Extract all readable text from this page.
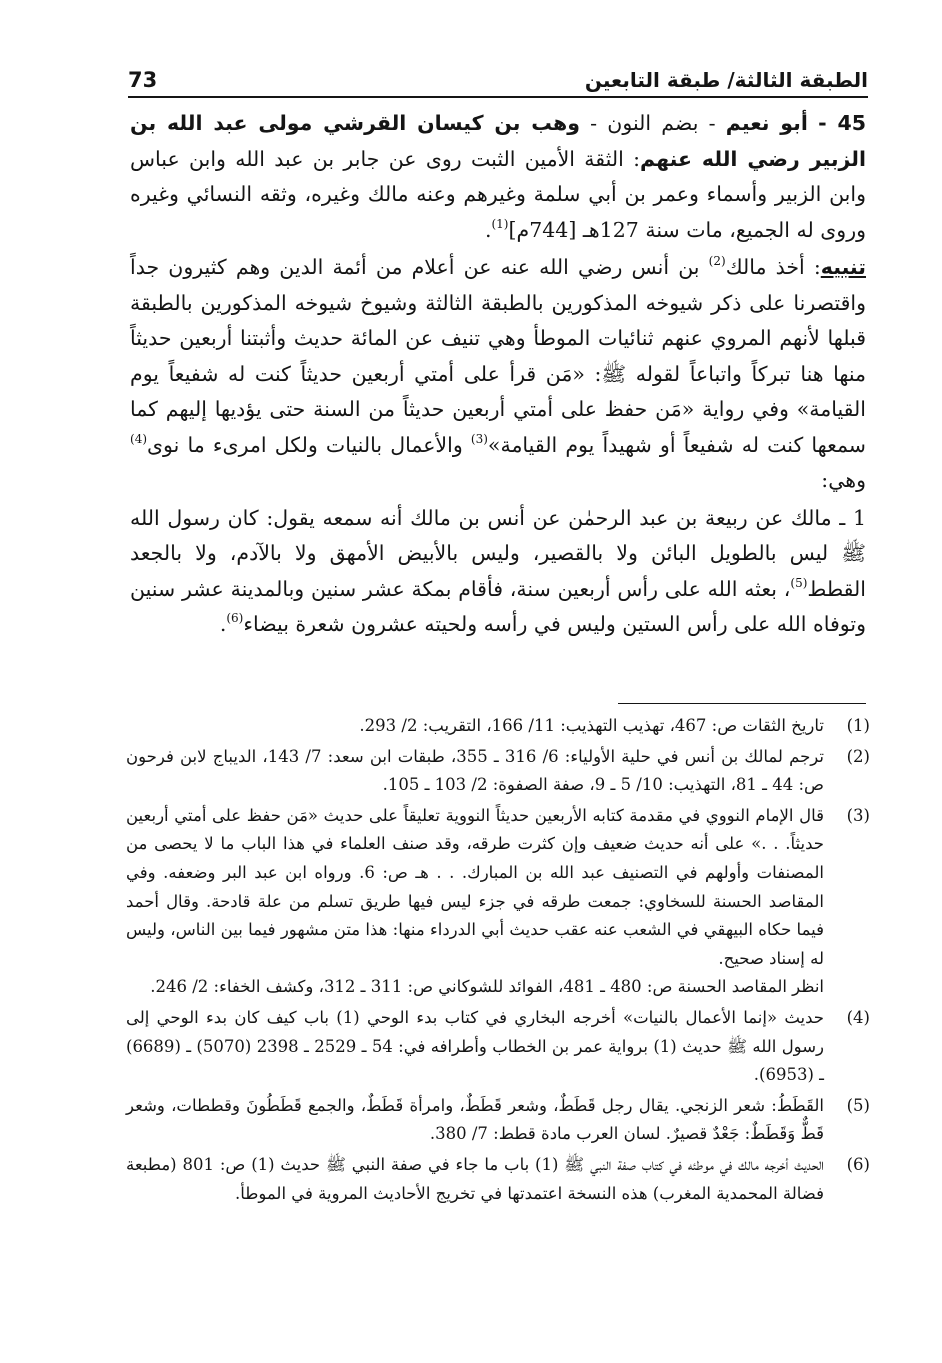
الطبقة الثالثة/ طبقة التابعين
73

45 - أبو نعيم - بضم النون - وهب بن كيسان القرشي مولى عبد الله بن الزبير رضي الله عنهم: الثقة الأمين الثبت روى عن جابر بن عبد الله وابن عباس وابن الزبير وأسماء وعمر بن أبي سلمة وغيرهم وعنه مالك وغيره، وثقه النسائي وغيره وروى له الجميع، مات سنة 127هـ [744م]$^{(1)}$.

تنبيه: أخذ مالك$^{(2)}$ بن أنس رضي الله عنه عن أعلام من أئمة الدين وهم كثيرون جداً واقتصرنا على ذكر شيوخه المذكورين بالطبقة الثالثة وشيوخ شيوخه المذكورين بالطبقة قبلها لأنهم المروي عنهم ثنائيات الموطأ وهي تنيف عن المائة حديث وأثبتنا أربعين حديثاً منها هنا تبركاً واتباعاً لقوله ﷺ: «مَن قرأ على أمتي أربعين حديثاً كنت له شفيعاً يوم القيامة» وفي رواية «مَن حفظ على أمتي أربعين حديثاً من السنة حتى يؤديها إليهم كما سمعها كنت له شفيعاً أو شهيداً يوم القيامة»$^{(3)}$ والأعمال بالنيات ولكل امرىء ما نوى$^{(4)}$ وهي:

1 ـ مالك عن ربيعة بن عبد الرحمٰن عن أنس بن مالك أنه سمعه يقول: كان رسول الله ﷺ ليس بالطويل البائن ولا بالقصير، وليس بالأبيض الأمهق ولا بالآدم، ولا بالجعد القطط$^{(5)}$، بعثه الله على رأس أربعين سنة، فأقام بمكة عشر سنين وبالمدينة عشر سنين وتوفاه الله على رأس الستين وليس في رأسه ولحيته عشرون شعرة بيضاء$^{(6)}$.

(1)

تاريخ الثقات ص: 467، تهذيب التهذيب: 11/ 166، التقريب: 2/ 293.

(2)

ترجم لمالك بن أنس في حلية الأولياء: 6/ 316 ـ 355، طبقات ابن سعد: 7/ 143، الديباج لابن فرحون ص: 44 ـ 81، التهذيب: 10/ 5 ـ 9، صفة الصفوة: 2/ 103 ـ 105.

(3)

قال الإمام النووي في مقدمة كتابه الأربعين حديثاً النووية تعليقاً على حديث «مَن حفظ على أمتي أربعين حديثاً. . .» على أنه حديث ضعيف وإن كثرت طرقه، وقد صنف العلماء في هذا الباب ما لا يحصى من المصنفات وأولهم في التصنيف عبد الله بن المبارك. . . هـ ص: 6. ورواه ابن عبد البر وضعفه. وفي المقاصد الحسنة للسخاوي: جمعت طرقه في جزء ليس فيها طريق تسلم من علة قادحة. وقال أحمد فيما حكاه البيهقي في الشعب عنه عقب حديث أبي الدرداء منها: هذا متن مشهور فيما بين الناس، وليس له إسناد صحيح.

انظر المقاصد الحسنة ص: 480 ـ 481، الفوائد للشوكاني ص: 311 ـ 312، وكشف الخفاء: 2/ 246.

(4)

حديث «إنما الأعمال بالنيات» أخرجه البخاري في كتاب بدء الوحي (1) باب كيف كان بدء الوحي إلى رسول الله ﷺ حديث (1) برواية عمر بن الخطاب وأطرافه في: 54 ـ 2529 ـ 2398 (5070) ـ (6689) ـ (6953).

(5)

القَطَطُ: شعر الزنجي. يقال رجل قَطَطٌ، وشعر قَطَطٌ، وامرأة قَطَطٌ، والجمع قَطَطُونَ وقططات، وشعر قَطٌّ وَقَطَطٌ: جَعْدٌ قصيرٌ. لسان العرب مادة قطط: 7/ 380.

(6)

الحديث أخرجه مالك في موطئه في كتاب صفة النبي ﷺ (1) باب ما جاء في صفة النبي ﷺ حديث (1) ص: 801 (مطبعة فضالة المحمدية المغرب) هذه النسخة اعتمدتها في تخريج الأحاديث المروية في الموطأ.
